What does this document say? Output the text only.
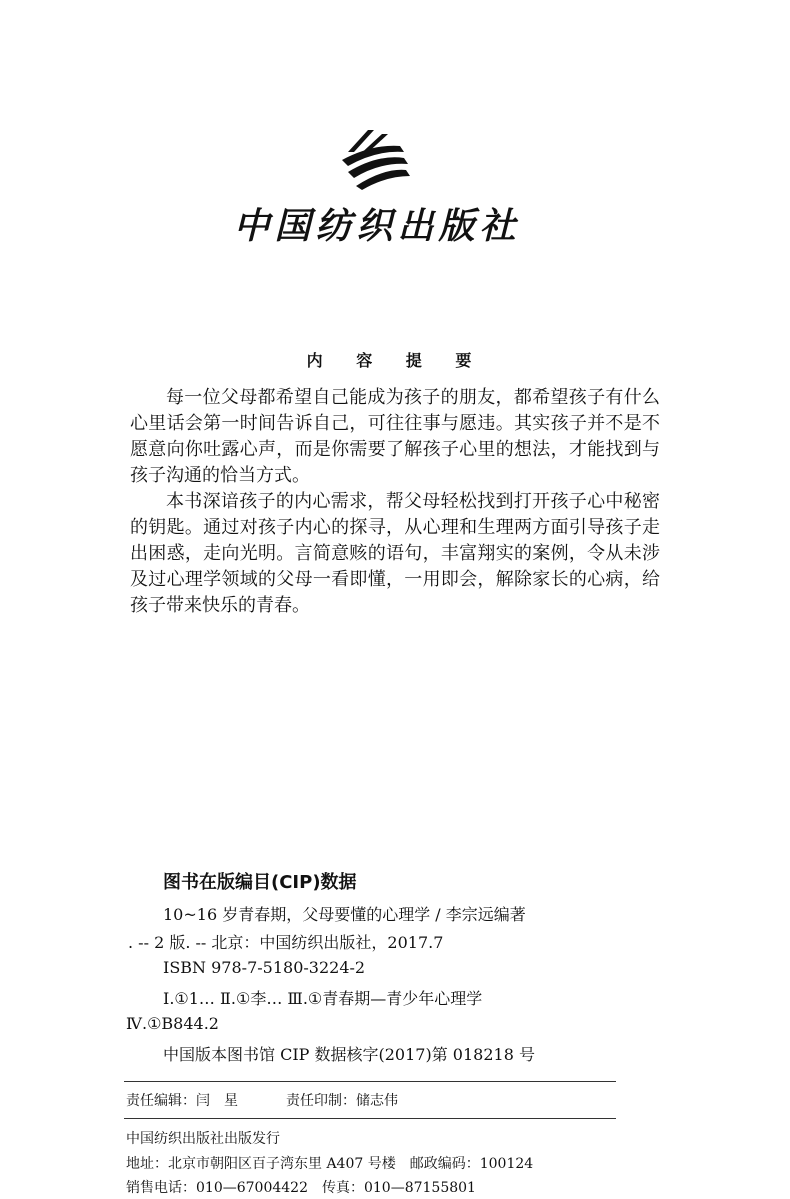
中国纺织出版社
内 容 提 要

每一位父母都希望自己能成为孩子的朋友，都希望孩子有什么心里话会第一时间告诉自己，可往往事与愿违。其实孩子并不是不愿意向你吐露心声，而是你需要了解孩子心里的想法，才能找到与孩子沟通的恰当方式。

本书深谙孩子的内心需求，帮父母轻松找到打开孩子心中秘密的钥匙。通过对孩子内心的探寻，从心理和生理两方面引导孩子走出困惑，走向光明。言简意赅的语句，丰富翔实的案例，令从未涉及过心理学领域的父母一看即懂，一用即会，解除家长的心病，给孩子带来快乐的青春。

图书在版编目(CIP)数据
10~16 岁青春期，父母要懂的心理学 / 李宗远编著
. -- 2 版. -- 北京：中国纺织出版社，2017.7
ISBN 978-7-5180-3224-2
Ⅰ.①1… Ⅱ.①李… Ⅲ.①青春期—青少年心理学
Ⅳ.①B844.2
中国版本图书馆 CIP 数据核字(2017)第 018218 号
责任编辑：闫　星	责任印制：储志伟
中国纺织出版社出版发行
地址：北京市朝阳区百子湾东里 A407 号楼　邮政编码：100124
销售电话：010—67004422　传真：010—87155801
